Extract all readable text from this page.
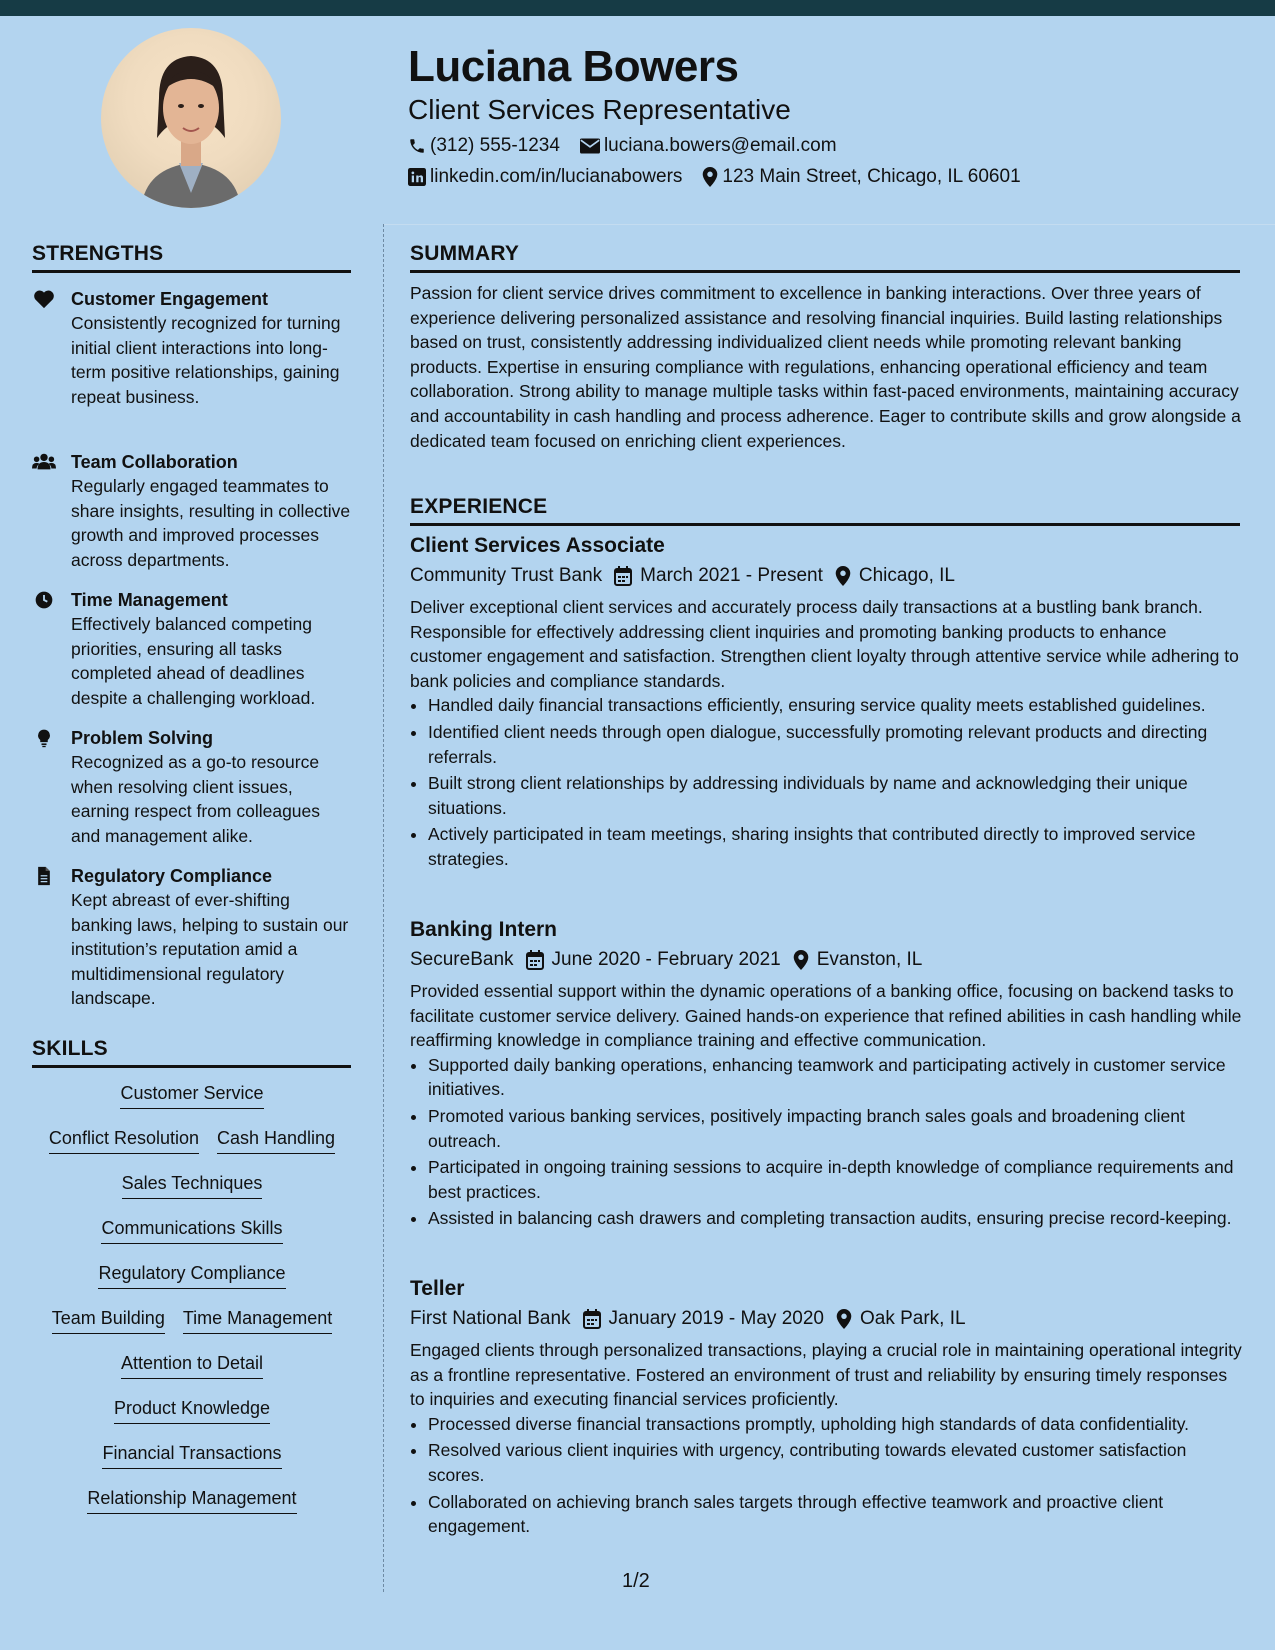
Luciana Bowers
Client Services Representative
(312) 555-1234 luciana.bowers@email.com
linkedin.com/in/lucianabowers 123 Main Street, Chicago, IL 60601
STRENGTHS
Customer Engagement
Consistently recognized for turning initial client interactions into long-term positive relationships, gaining repeat business.
Team Collaboration
Regularly engaged teammates to share insights, resulting in collective growth and improved processes across departments.
Time Management
Effectively balanced competing priorities, ensuring all tasks completed ahead of deadlines despite a challenging workload.
Problem Solving
Recognized as a go-to resource when resolving client issues, earning respect from colleagues and management alike.
Regulatory Compliance
Kept abreast of ever-shifting banking laws, helping to sustain our institution’s reputation amid a multidimensional regulatory landscape.
SKILLS
Customer Service
Conflict Resolution Cash Handling
Sales Techniques
Communications Skills
Regulatory Compliance
Team Building Time Management
Attention to Detail
Product Knowledge
Financial Transactions
Relationship Management
SUMMARY
Passion for client service drives commitment to excellence in banking interactions. Over three years of experience delivering personalized assistance and resolving financial inquiries. Build lasting relationships based on trust, consistently addressing individualized client needs while promoting relevant banking products. Expertise in ensuring compliance with regulations, enhancing operational efficiency and team collaboration. Strong ability to manage multiple tasks within fast-paced environments, maintaining accuracy and accountability in cash handling and process adherence. Eager to contribute skills and grow alongside a dedicated team focused on enriching client experiences.
EXPERIENCE
Client Services Associate
Community Trust Bank March 2021 - Present Chicago, IL
Deliver exceptional client services and accurately process daily transactions at a bustling bank branch. Responsible for effectively addressing client inquiries and promoting banking products to enhance customer engagement and satisfaction. Strengthen client loyalty through attentive service while adhering to bank policies and compliance standards.
• Handled daily financial transactions efficiently, ensuring service quality meets established guidelines.
• Identified client needs through open dialogue, successfully promoting relevant products and directing referrals.
• Built strong client relationships by addressing individuals by name and acknowledging their unique situations.
• Actively participated in team meetings, sharing insights that contributed directly to improved service strategies.
Banking Intern
SecureBank June 2020 - February 2021 Evanston, IL
Provided essential support within the dynamic operations of a banking office, focusing on backend tasks to facilitate customer service delivery. Gained hands-on experience that refined abilities in cash handling while reaffirming knowledge in compliance training and effective communication.
• Supported daily banking operations, enhancing teamwork and participating actively in customer service initiatives.
• Promoted various banking services, positively impacting branch sales goals and broadening client outreach.
• Participated in ongoing training sessions to acquire in-depth knowledge of compliance requirements and best practices.
• Assisted in balancing cash drawers and completing transaction audits, ensuring precise record-keeping.
Teller
First National Bank January 2019 - May 2020 Oak Park, IL
Engaged clients through personalized transactions, playing a crucial role in maintaining operational integrity as a frontline representative. Fostered an environment of trust and reliability by ensuring timely responses to inquiries and executing financial services proficiently.
• Processed diverse financial transactions promptly, upholding high standards of data confidentiality.
• Resolved various client inquiries with urgency, contributing towards elevated customer satisfaction scores.
• Collaborated on achieving branch sales targets through effective teamwork and proactive client engagement.
1/2
